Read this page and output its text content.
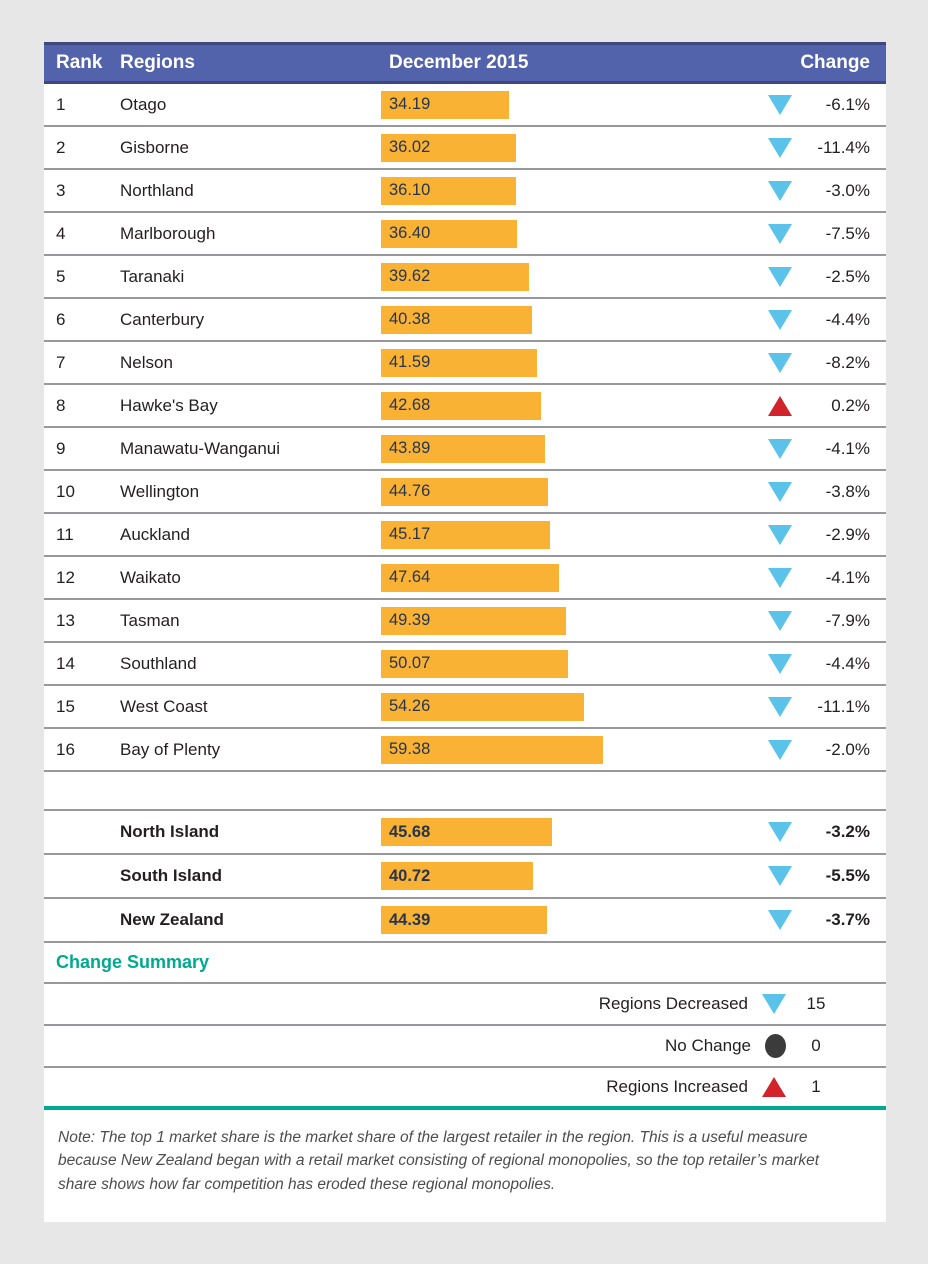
Rank Regions	December 2015	Change
1	Otago	34.19	-6.1%
2	Gisborne	36.02	-11.4%
3	Northland	36.10	-3.0%
4	Marlborough	36.40	-7.5%
5	Taranaki	39.62	-2.5%
6	Canterbury	40.38	-4.4%
7	Nelson	41.59	-8.2%
8	Hawke's Bay	42.68	0.2%
9	Manawatu-Wanganui	43.89	-4.1%
10	Wellington	44.76	-3.8%
11	Auckland	45.17	-2.9%
12	Waikato	47.64	-4.1%
13	Tasman	49.39	-7.9%
14	Southland	50.07	-4.4%
15	West Coast	54.26	-11.1%
16	Bay of Plenty	59.38	-2.0%
North Island	45.68	-3.2%
South Island	40.72	-5.5%
New Zealand	44.39	-3.7%
Change Summary
Regions Decreased	15
No Change	0
Regions Increased	1
Note: The top 1 market share is the market share of the largest retailer in the region. This is a useful measure because New Zealand began with a retail market consisting of regional monopolies, so the top retailer’s market share shows how far competition has eroded these regional monopolies.
